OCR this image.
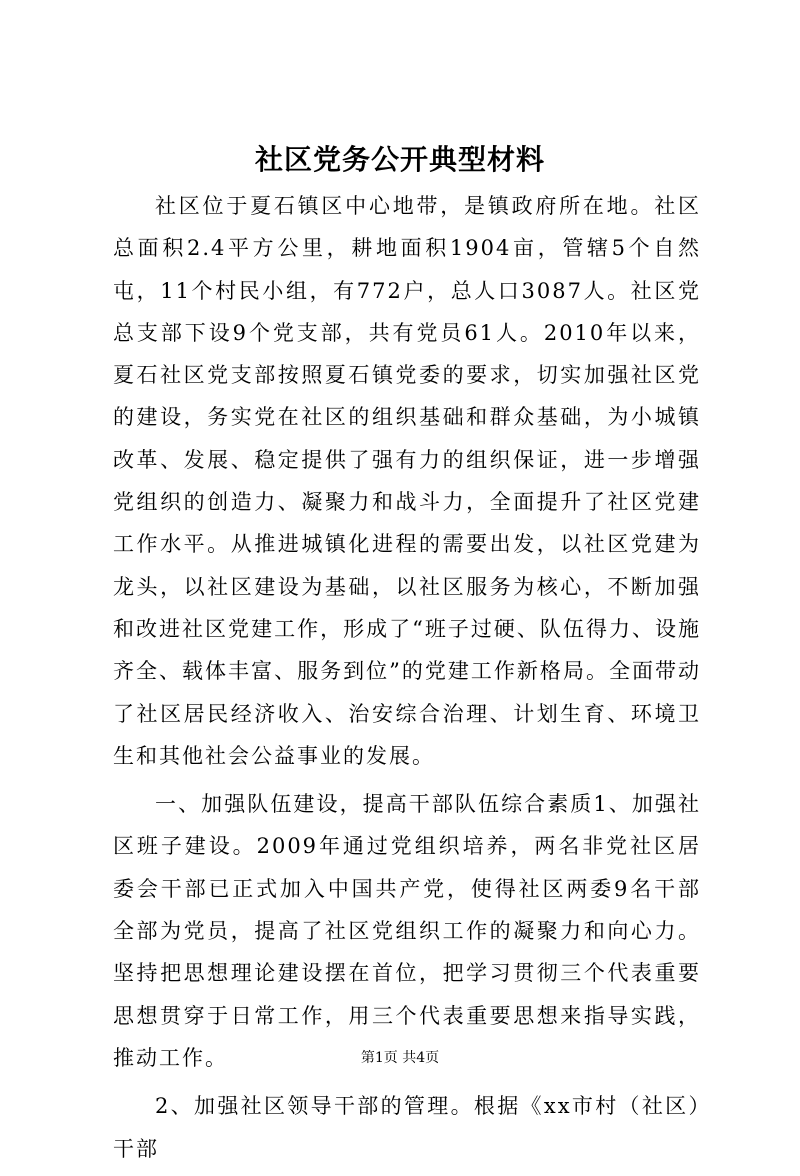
社区党务公开典型材料

社区位于夏石镇区中心地带，是镇政府所在地。社区总面积2.4平方公里，耕地面积1904亩，管辖5个自然屯，11个村民小组，有772户，总人口3087人。社区党总支部下设9个党支部，共有党员61人。2010年以来，夏石社区党支部按照夏石镇党委的要求，切实加强社区党的建设，务实党在社区的组织基础和群众基础，为小城镇改革、发展、稳定提供了强有力的组织保证，进一步增强党组织的创造力、凝聚力和战斗力，全面提升了社区党建工作水平。从推进城镇化进程的需要出发，以社区党建为龙头，以社区建设为基础，以社区服务为核心，不断加强和改进社区党建工作，形成了“班子过硬、队伍得力、设施齐全、载体丰富、服务到位”的党建工作新格局。全面带动了社区居民经济收入、治安综合治理、计划生育、环境卫生和其他社会公益事业的发展。

一、加强队伍建设，提高干部队伍综合素质1、加强社区班子建设。2009年通过党组织培养，两名非党社区居委会干部已正式加入中国共产党，使得社区两委9名干部全部为党员，提高了社区党组织工作的凝聚力和向心力。坚持把思想理论建设摆在首位，把学习贯彻三个代表重要思想贯穿于日常工作，用三个代表重要思想来指导实践，推动工作。

2、加强社区领导干部的管理。根据《xx市村（社区）干部

第1页 共4页
